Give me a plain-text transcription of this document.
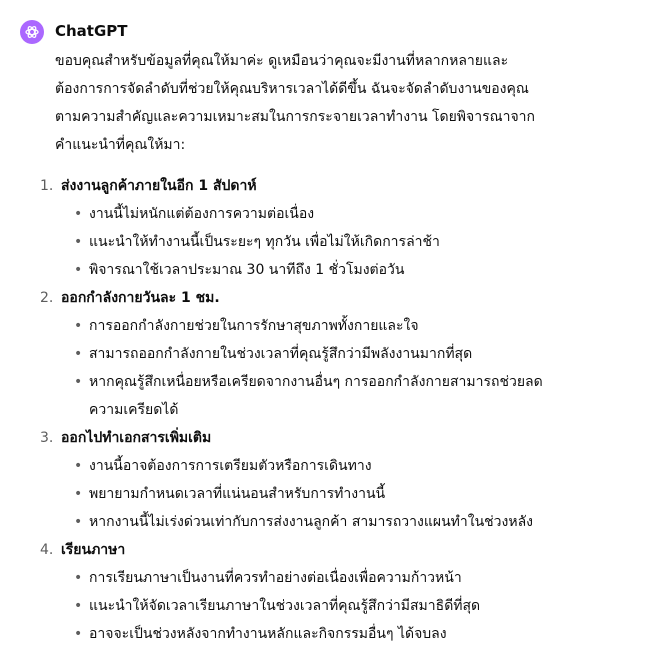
ChatGPT
ขอบคุณสำหรับข้อมูลที่คุณให้มาค่ะ ดูเหมือนว่าคุณจะมีงานที่หลากหลายและ
ต้องการการจัดลำดับที่ช่วยให้คุณบริหารเวลาได้ดีขึ้น ฉันจะจัดลำดับงานของคุณ
ตามความสำคัญและความเหมาะสมในการกระจายเวลาทำงาน โดยพิจารณาจาก
คำแนะนำที่คุณให้มา:
1. ส่งงานลูกค้าภายในอีก 1 สัปดาห์
• งานนี้ไม่หนักแต่ต้องการความต่อเนื่อง
• แนะนำให้ทำงานนี้เป็นระยะๆ ทุกวัน เพื่อไม่ให้เกิดการล่าช้า
• พิจารณาใช้เวลาประมาณ 30 นาทีถึง 1 ชั่วโมงต่อวัน
2. ออกกำลังกายวันละ 1 ชม.
• การออกกำลังกายช่วยในการรักษาสุขภาพทั้งกายและใจ
• สามารถออกกำลังกายในช่วงเวลาที่คุณรู้สึกว่ามีพลังงานมากที่สุด
• หากคุณรู้สึกเหนื่อยหรือเครียดจากงานอื่นๆ การออกกำลังกายสามารถช่วยลดความเครียดได้
3. ออกไปทำเอกสารเพิ่มเติม
• งานนี้อาจต้องการการเตรียมตัวหรือการเดินทาง
• พยายามกำหนดเวลาที่แน่นอนสำหรับการทำงานนี้
• หากงานนี้ไม่เร่งด่วนเท่ากับการส่งงานลูกค้า สามารถวางแผนทำในช่วงหลัง
4. เรียนภาษา
• การเรียนภาษาเป็นงานที่ควรทำอย่างต่อเนื่องเพื่อความก้าวหน้า
• แนะนำให้จัดเวลาเรียนภาษาในช่วงเวลาที่คุณรู้สึกว่ามีสมาธิดีที่สุด
• อาจจะเป็นช่วงหลังจากทำงานหลักและกิจกรรมอื่นๆ ได้จบลง
